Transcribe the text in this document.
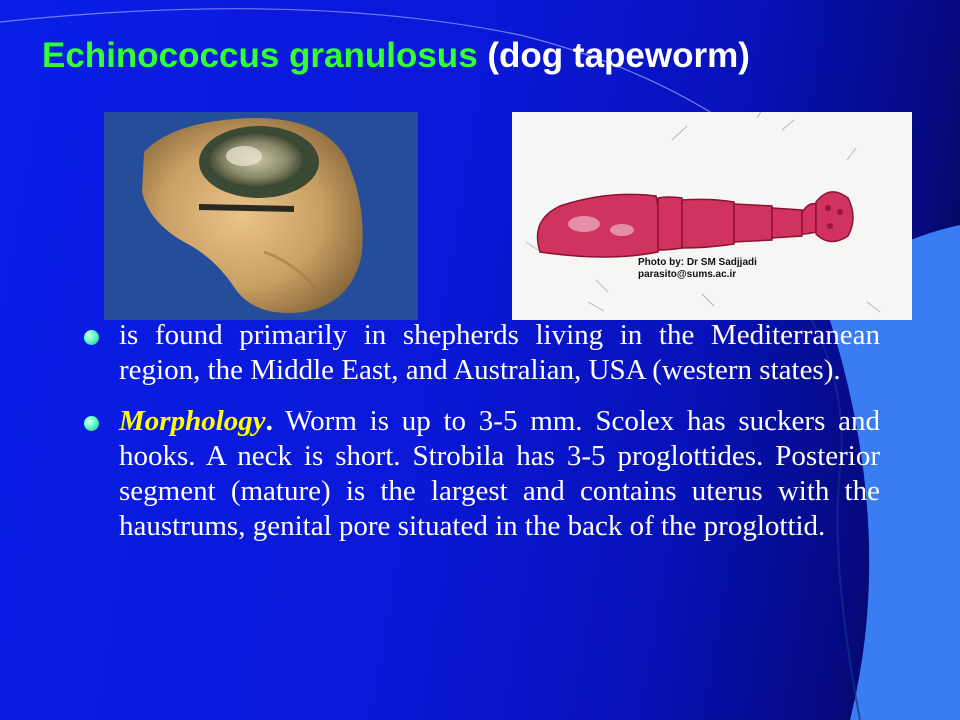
Echinococcus granulosus (dog tapeworm)
Photo by: Dr SM Sadjjadi
parasito@sums.ac.ir
is found primarily in shepherds living in the Mediterranean region, the Middle East, and Australian, USA (western states).
Morphology. Worm is up to 3-5 mm. Scolex has suckers and hooks. A neck is short. Strobila has 3-5 proglottides. Posterior segment (mature) is the largest and contains uterus with the haustrums, genital pore situated in the back of the proglottid.
